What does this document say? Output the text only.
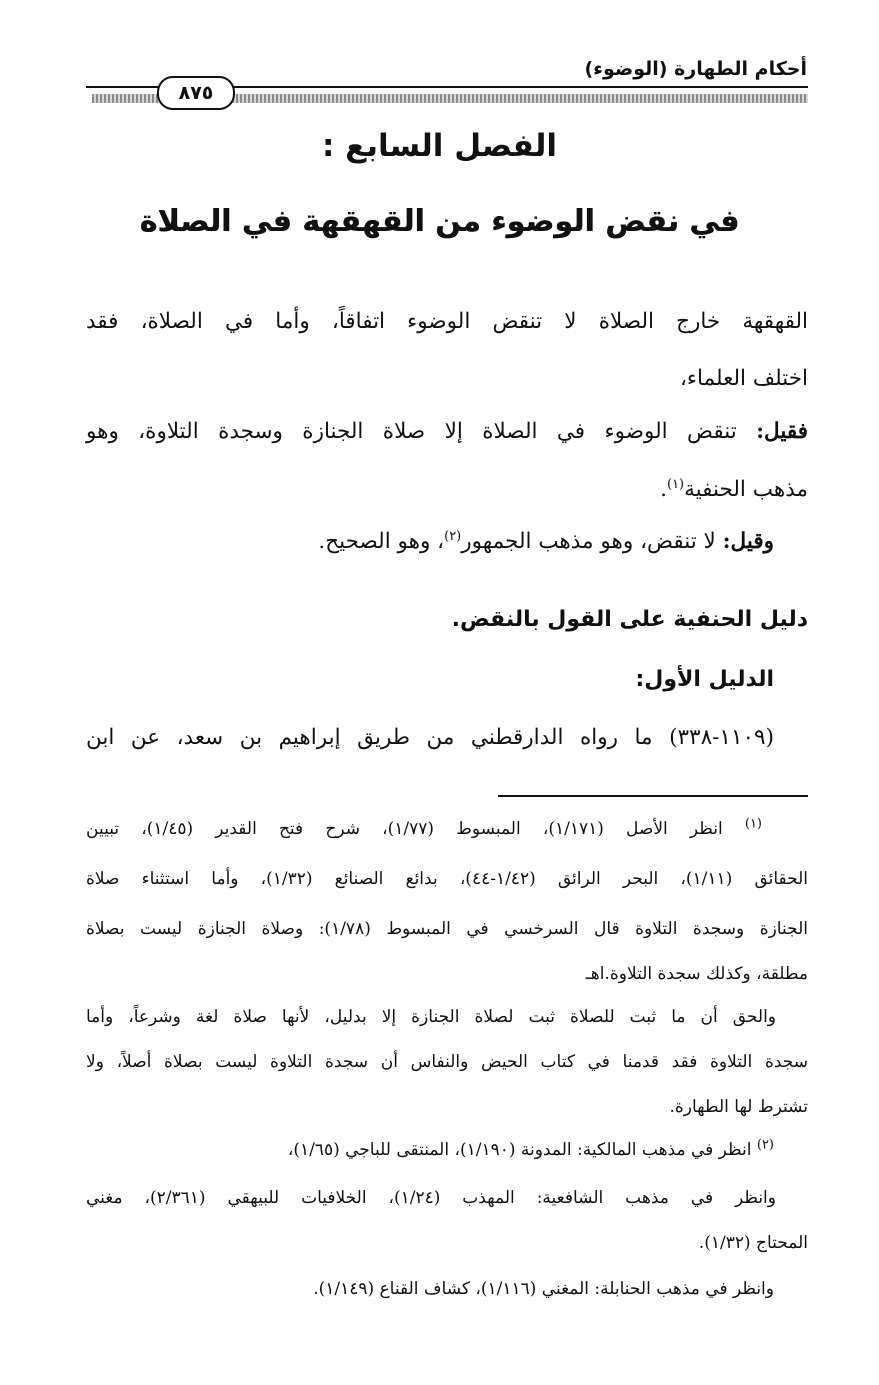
أحكام الطهارة (الوضوء)
٨٧٥
الفصل السابع :
في نقض الوضوء من القهقهة في الصلاة
القهقهة خارج الصلاة لا تنقض الوضوء اتفاقاً، وأما في الصلاة، فقد
اختلف العلماء،
فقيل: تنقض الوضوء في الصلاة إلا صلاة الجنازة وسجدة التلاوة، وهو
مذهب الحنفية$^{(١)}$.
وقيل: لا تنقض، وهو مذهب الجمهور$^{(٢)}$، وهو الصحيح.
دليل الحنفية على القول بالنقض.
الدليل الأول:
(١١٠٩-٣٣٨) ما رواه الدارقطني من طريق إبراهيم بن سعد، عن ابن
$^{(١)}$ انظر الأصل (١/١٧١)، المبسوط (١/٧٧)، شرح فتح القدير (١/٤٥)، تبيين
الحقائق (١/١١)، البحر الرائق (١/٤٢-٤٤)، بدائع الصنائع (١/٣٢)، وأما استثناء صلاة
الجنازة وسجدة التلاوة قال السرخسي في المبسوط (١/٧٨): وصلاة الجنازة ليست بصلاة
مطلقة، وكذلك سجدة التلاوة.اهـ
والحق أن ما ثبت للصلاة ثبت لصلاة الجنازة إلا بدليل، لأنها صلاة لغة وشرعاً، وأما
سجدة التلاوة فقد قدمنا في كتاب الحيض والنفاس أن سجدة التلاوة ليست بصلاة أصلاً، ولا
تشترط لها الطهارة.
$^{(٢)}$ انظر في مذهب المالكية: المدونة (١/١٩٠)، المنتقى للباجي (١/٦٥)،
وانظر في مذهب الشافعية: المهذب (١/٢٤)، الخلافيات للبيهقي (٢/٣٦١)، مغني
المحتاج (١/٣٢).
وانظر في مذهب الحنابلة: المغني (١/١١٦)، كشاف القناع (١/١٤٩).
